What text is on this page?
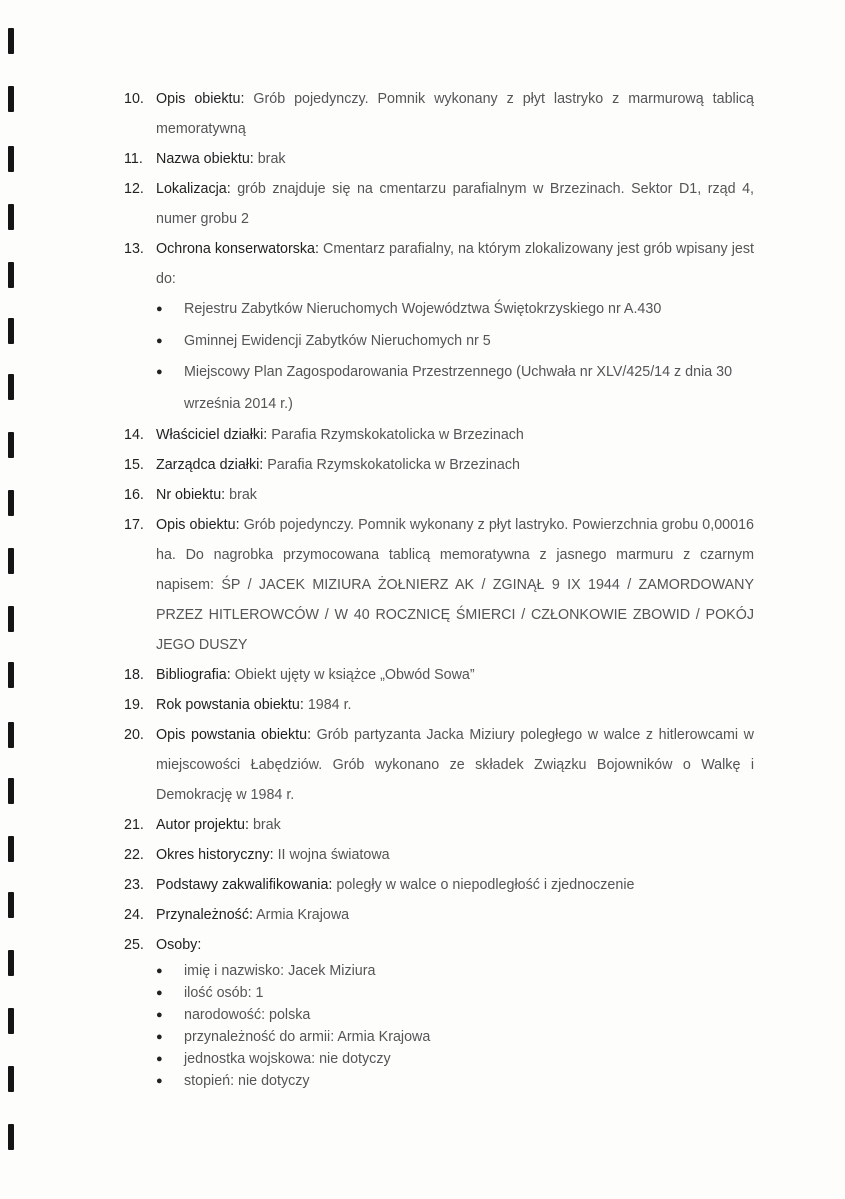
10. Opis obiektu: Grób pojedynczy. Pomnik wykonany z płyt lastryko z marmurową tablicą memoratywną
11. Nazwa obiektu: brak
12. Lokalizacja: grób znajduje się na cmentarzu parafialnym w Brzezinach. Sektor D1, rząd 4, numer grobu 2
13. Ochrona konserwatorska: Cmentarz parafialny, na którym zlokalizowany jest grób wpisany jest do:
●	Rejestru Zabytków Nieruchomych Województwa Świętokrzyskiego nr A.430
●	Gminnej Ewidencji Zabytków Nieruchomych nr 5
●	Miejscowy Plan Zagospodarowania Przestrzennego (Uchwała nr XLV/425/14 z dnia 30 września 2014 r.)
14. Właściciel działki: Parafia Rzymskokatolicka w Brzezinach
15. Zarządca działki: Parafia Rzymskokatolicka w Brzezinach
16. Nr obiektu: brak
17. Opis obiektu: Grób pojedynczy. Pomnik wykonany z płyt lastryko. Powierzchnia grobu 0,00016 ha. Do nagrobka przymocowana tablicą memoratywna z jasnego marmuru z czarnym napisem: ŚP / JACEK MIZIURA ŻOŁNIERZ AK / ZGINĄŁ 9 IX 1944 / ZAMORDOWANY PRZEZ HITLEROWCÓW / W 40 ROCZNICĘ ŚMIERCI / CZŁONKOWIE ZBOWID / POKÓJ JEGO DUSZY
18. Bibliografia: Obiekt ujęty w książce „Obwód Sowa”
19. Rok powstania obiektu: 1984 r.
20. Opis powstania obiektu: Grób partyzanta Jacka Miziury poległego w walce z hitlerowcami w miejscowości Łabędziów. Grób wykonano ze składek Związku Bojowników o Walkę i Demokrację w 1984 r.
21. Autor projektu: brak
22. Okres historyczny: II wojna światowa
23. Podstawy zakwalifikowania: poległy w walce o niepodległość i zjednoczenie
24. Przynależność: Armia Krajowa
25. Osoby:
●	imię i nazwisko: Jacek Miziura
●	ilość osób: 1
●	narodowość: polska
●	przynależność do armii: Armia Krajowa
●	jednostka wojskowa: nie dotyczy
●	stopień: nie dotyczy
